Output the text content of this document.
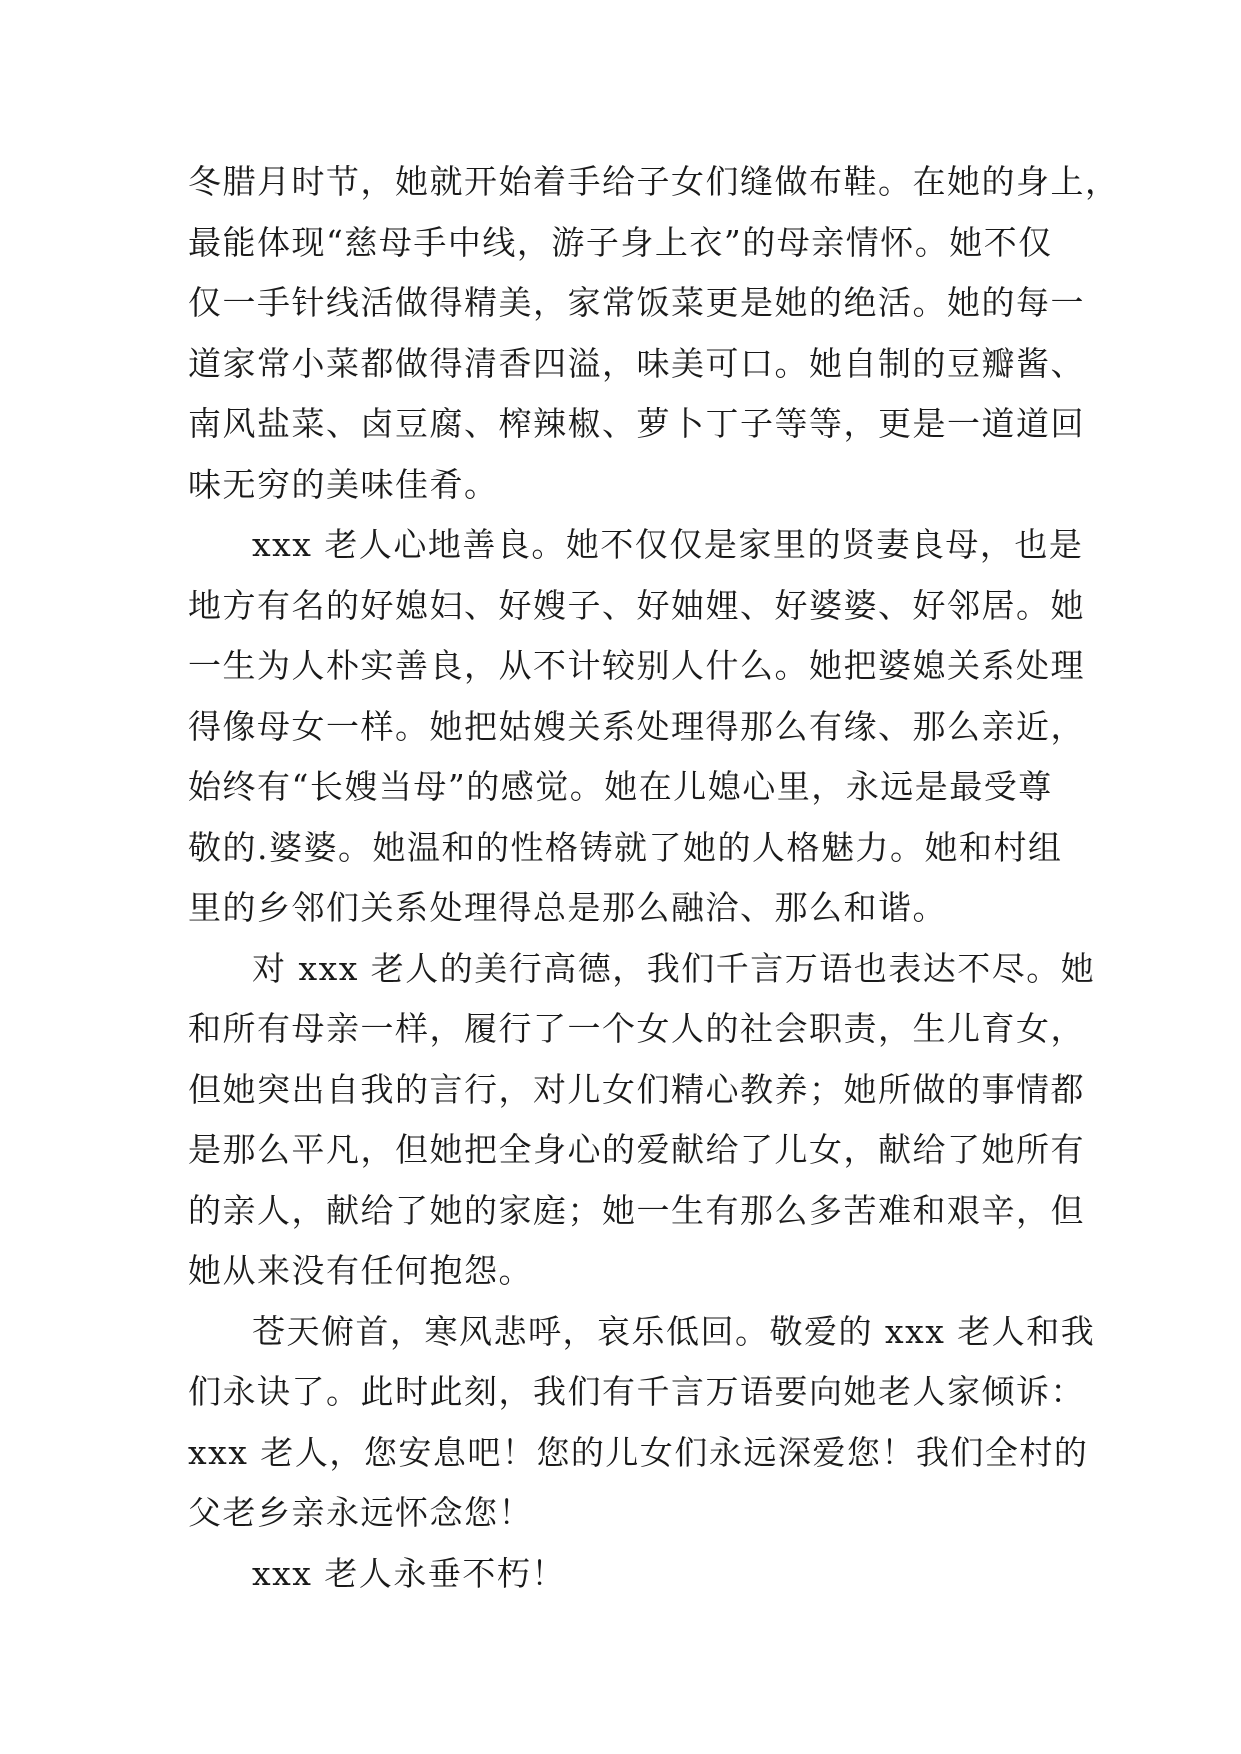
冬腊月时节，她就开始着手给子女们缝做布鞋。在她的身上，
最能体现“慈母手中线，游子身上衣”的母亲情怀。她不仅
仅一手针线活做得精美，家常饭菜更是她的绝活。她的每一
道家常小菜都做得清香四溢，味美可口。她自制的豆瓣酱、
南风盐菜、卤豆腐、榨辣椒、萝卜丁子等等，更是一道道回
味无穷的美味佳肴。
xxx 老人心地善良。她不仅仅是家里的贤妻良母，也是
地方有名的好媳妇、好嫂子、好妯娌、好婆婆、好邻居。她
一生为人朴实善良，从不计较别人什么。她把婆媳关系处理
得像母女一样。她把姑嫂关系处理得那么有缘、那么亲近，
始终有“长嫂当母”的感觉。她在儿媳心里，永远是最受尊
敬的.婆婆。她温和的性格铸就了她的人格魅力。她和村组
里的乡邻们关系处理得总是那么融洽、那么和谐。
对 xxx 老人的美行高德，我们千言万语也表达不尽。她
和所有母亲一样，履行了一个女人的社会职责，生儿育女，
但她突出自我的言行，对儿女们精心教养；她所做的事情都
是那么平凡，但她把全身心的爱献给了儿女，献给了她所有
的亲人，献给了她的家庭；她一生有那么多苦难和艰辛，但
她从来没有任何抱怨。
苍天俯首，寒风悲呼，哀乐低回。敬爱的 xxx 老人和我
们永诀了。此时此刻，我们有千言万语要向她老人家倾诉：
xxx 老人，您安息吧！您的儿女们永远深爱您！我们全村的
父老乡亲永远怀念您！
xxx 老人永垂不朽！
